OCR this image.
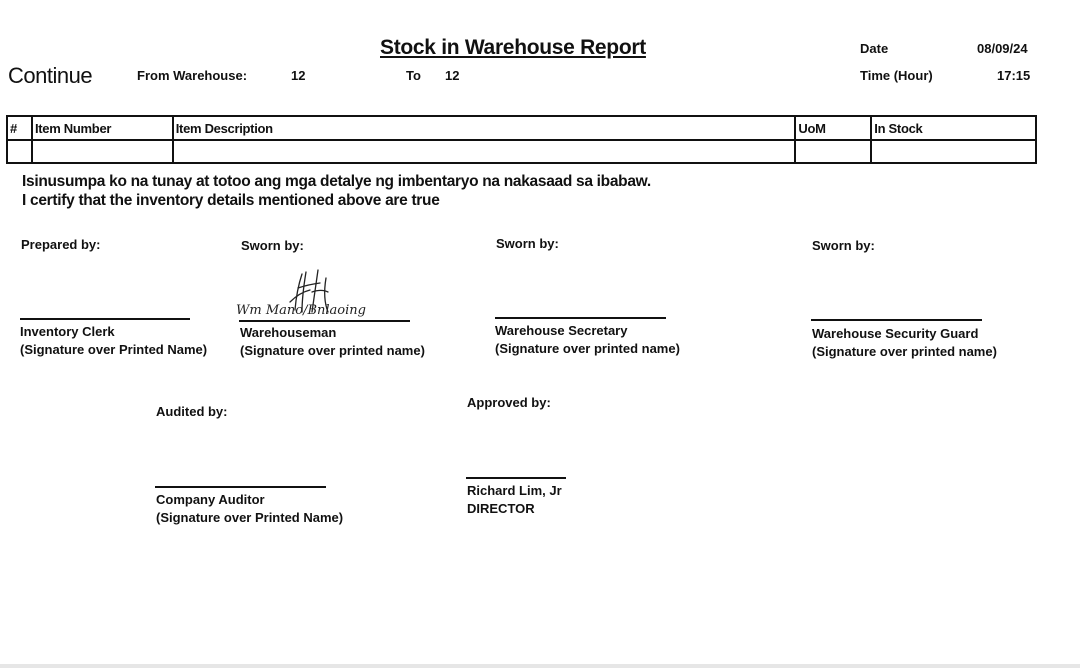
Stock in Warehouse Report
Continue	From Warehouse:	12	To 12
Date	08/09/24
Time (Hour)	17:15
#	Item Number	Item Description	UoM	In Stock

Isinusumpa ko na tunay at totoo ang mga detalye ng imbentaryo na nakasaad sa ibabaw.
I certify that the inventory details mentioned above are true
Prepared by:
Inventory Clerk
(Signature over Printed Name)
Sworn by:
Wm Mano/Bnlaoing
Warehouseman
(Signature over printed name)
Sworn by:
Warehouse Secretary
(Signature over printed name)
Sworn by:
Warehouse Security Guard
(Signature over printed name)
Audited by:
Company Auditor
(Signature over Printed Name)
Approved by:
Richard Lim, Jr
DIRECTOR
